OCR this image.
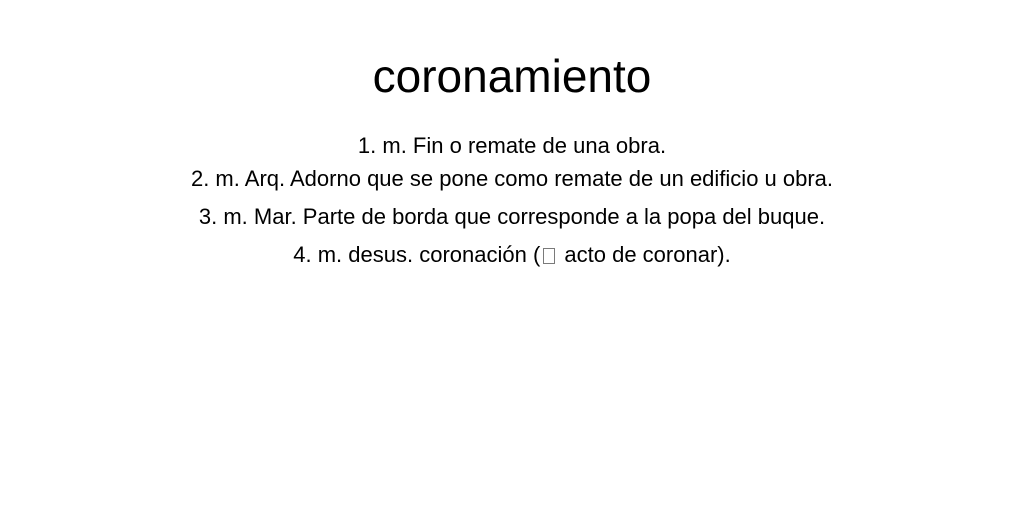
coronamiento

1. m. Fin o remate de una obra.

2. m. Arq. Adorno que se pone como remate de un edificio u obra.

3. m. Mar. Parte de borda que corresponde a la popa del buque.

4. m. desus. coronación ( acto de coronar).
